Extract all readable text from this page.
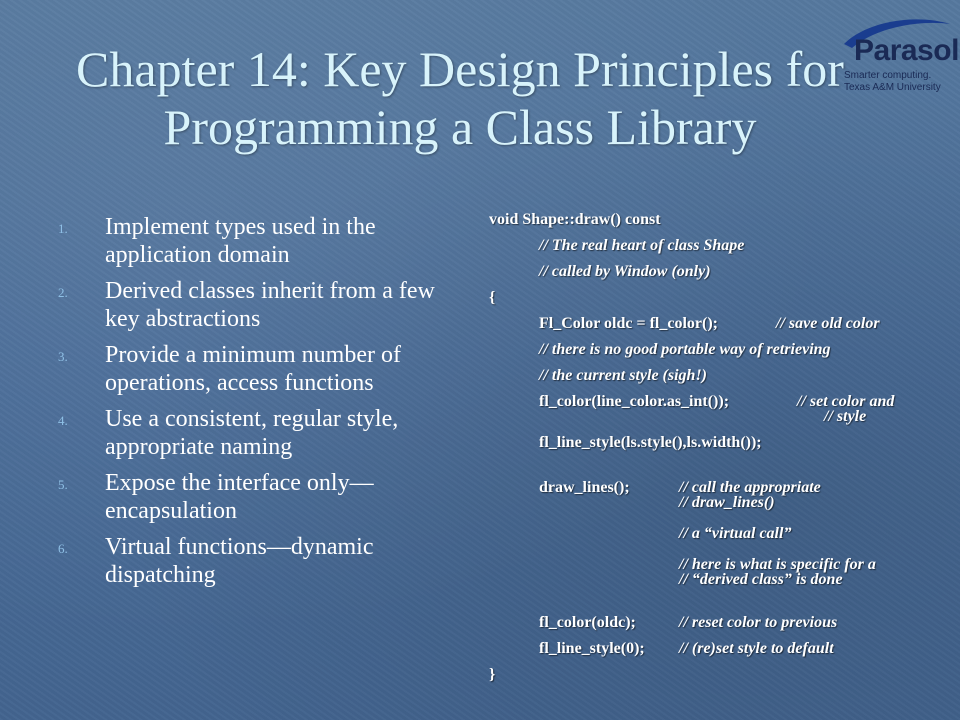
Parasol

Smarter computing.
Texas A&M University

Chapter 14: Key Design Principles for Programming a Class Library
1. Implement types used in the application domain
2. Derived classes inherit from a few key abstractions
3. Provide a minimum number of operations, access functions
4. Use a consistent, regular style, appropriate naming
5. Expose the interface only—encapsulation
6. Virtual functions—dynamic dispatching
void Shape::draw() const
// The real heart of class Shape
// called by Window (only)
{
Fl_Color oldc = fl_color();	// save old color
// there is no good portable way of retrieving
// the current style (sigh!)
fl_color(line_color.as_int());	// set color and
// style
fl_line_style(ls.style(),ls.width());
draw_lines();	// call the appropriate
// draw_lines()
// a “virtual call”
// here is what is specific for a
// “derived class” is done
fl_color(oldc);	// reset color to previous
fl_line_style(0); // (re)set style to default
}
